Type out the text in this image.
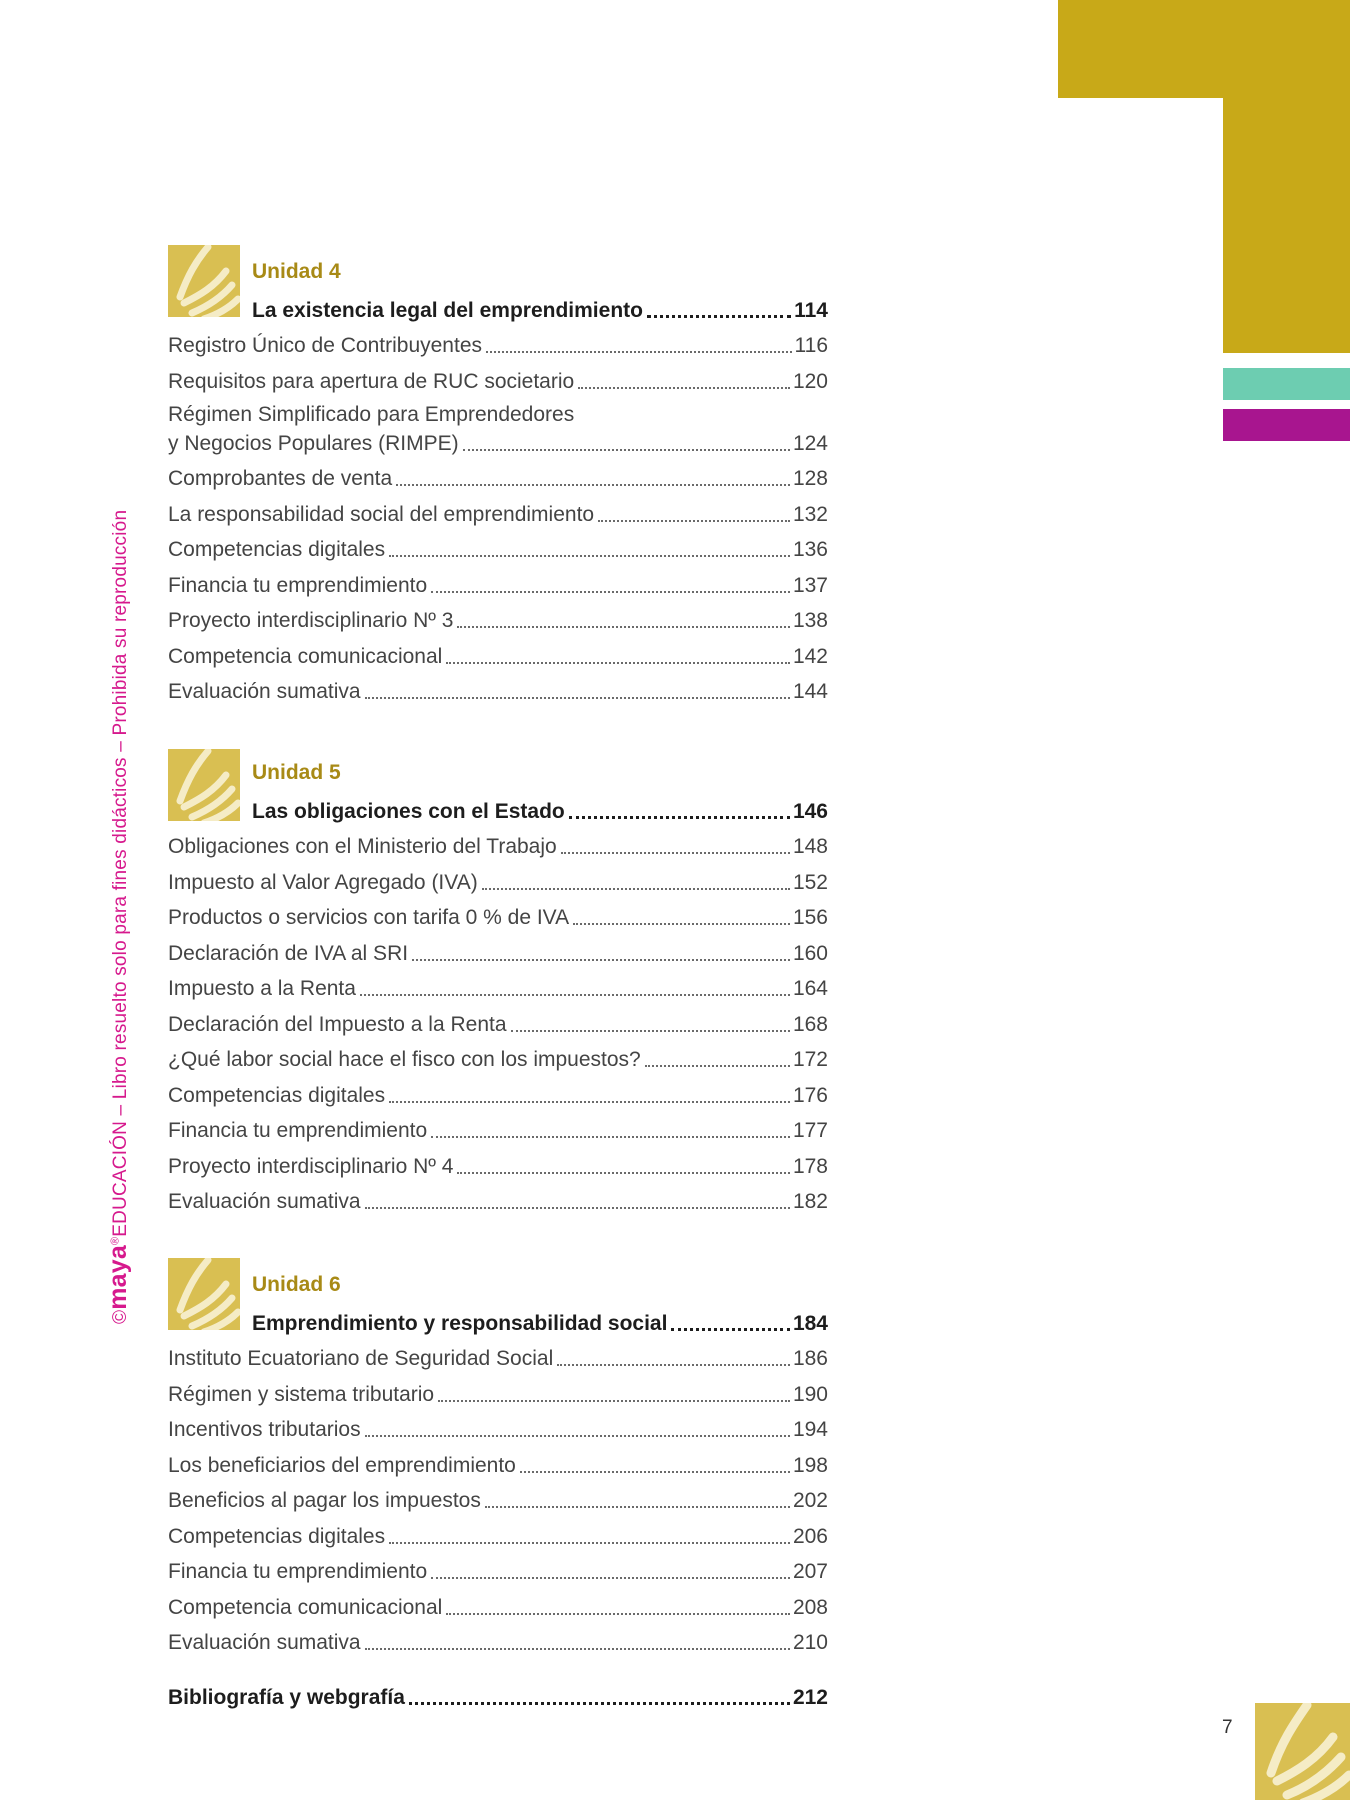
©maya®EDUCACIÓN – Libro resuelto solo para fines didácticos – Prohibida su reproducción
Unidad 4
La existencia legal del emprendimiento	114
Registro Único de Contribuyentes	116
Requisitos para apertura de RUC societario	120
Régimen Simplificado para Emprendedores
y Negocios Populares (RIMPE)	124
Comprobantes de venta	128
La responsabilidad social del emprendimiento	132
Competencias digitales	136
Financia tu emprendimiento	137
Proyecto interdisciplinario Nº 3	138
Competencia comunicacional	142
Evaluación sumativa	144
Unidad 5
Las obligaciones con el Estado	146
Obligaciones con el Ministerio del Trabajo	148
Impuesto al Valor Agregado (IVA)	152
Productos o servicios con tarifa 0 % de IVA	156
Declaración de IVA al SRI	160
Impuesto a la Renta	164
Declaración del Impuesto a la Renta	168
¿Qué labor social hace el fisco con los impuestos?	172
Competencias digitales	176
Financia tu emprendimiento	177
Proyecto interdisciplinario Nº 4	178
Evaluación sumativa	182
Unidad 6
Emprendimiento y responsabilidad social	184
Instituto Ecuatoriano de Seguridad Social	186
Régimen y sistema tributario	190
Incentivos tributarios	194
Los beneficiarios del emprendimiento	198
Beneficios al pagar los impuestos	202
Competencias digitales	206
Financia tu emprendimiento	207
Competencia comunicacional	208
Evaluación sumativa	210
Bibliografía y webgrafía	212
7
